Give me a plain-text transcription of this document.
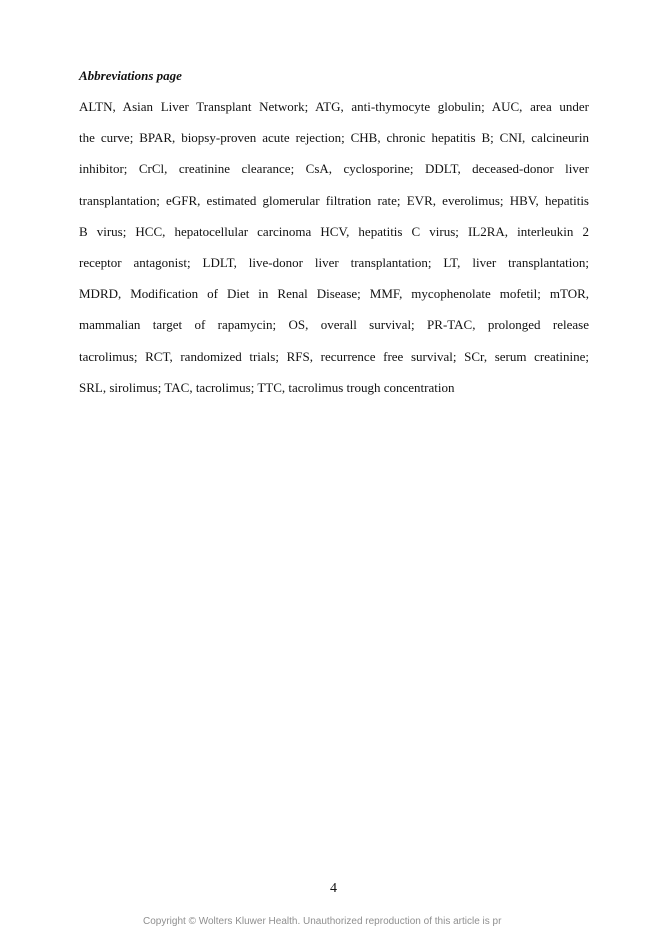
Abbreviations page
ALTN, Asian Liver Transplant Network; ATG, anti-thymocyte globulin; AUC, area under
the curve; BPAR, biopsy-proven acute rejection; CHB, chronic hepatitis B; CNI, calcineurin
inhibitor; CrCl, creatinine clearance; CsA, cyclosporine; DDLT, deceased-donor liver
transplantation; eGFR, estimated glomerular filtration rate; EVR, everolimus; HBV, hepatitis
B virus; HCC, hepatocellular carcinoma HCV, hepatitis C virus; IL2RA, interleukin 2
receptor antagonist; LDLT, live-donor liver transplantation; LT, liver transplantation;
MDRD, Modification of Diet in Renal Disease; MMF, mycophenolate mofetil; mTOR,
mammalian target of rapamycin; OS, overall survival; PR-TAC, prolonged release
tacrolimus; RCT, randomized trials; RFS, recurrence free survival; SCr, serum creatinine;
SRL, sirolimus; TAC, tacrolimus; TTC, tacrolimus trough concentration
4
Copyright © Wolters Kluwer Health. Unauthorized reproduction of this article is pr
